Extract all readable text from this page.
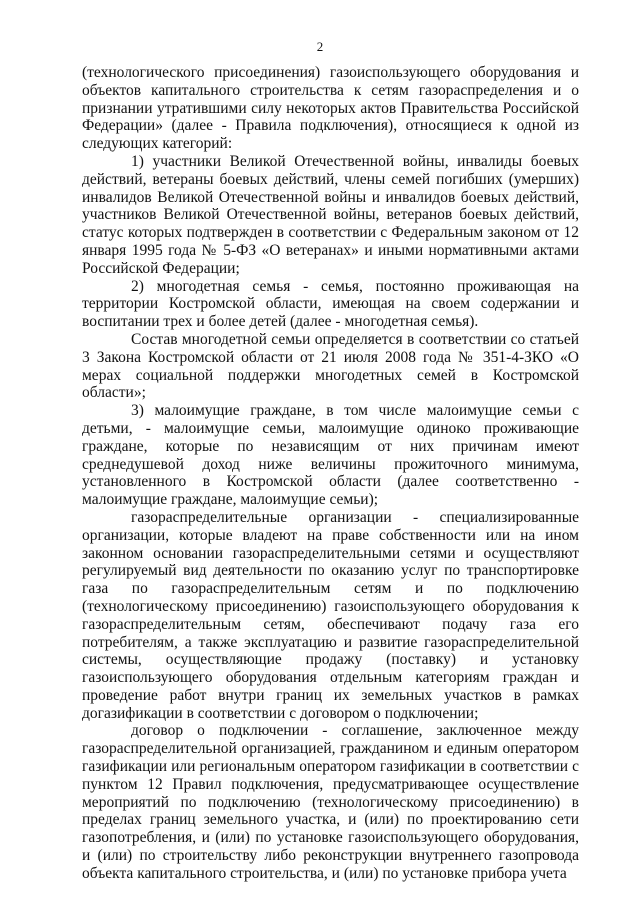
2

(технологического присоединения) газоиспользующего оборудования и объектов капитального строительства к сетям газораспределения и о признании утратившими силу некоторых актов Правительства Российской Федерации» (далее - Правила подключения), относящиеся к одной из следующих категорий:

1) участники Великой Отечественной войны, инвалиды боевых действий, ветераны боевых действий, члены семей погибших (умерших) инвалидов Великой Отечественной войны и инвалидов боевых действий, участников Великой Отечественной войны, ветеранов боевых действий, статус которых подтвержден в соответствии с Федеральным законом от 12 января 1995 года № 5-ФЗ «О ветеранах» и иными нормативными актами Российской Федерации;

2) многодетная семья - семья, постоянно проживающая на территории Костромской области, имеющая на своем содержании и воспитании трех и более детей (далее - многодетная семья).

Состав многодетной семьи определяется в соответствии со статьей 3 Закона Костромской области от 21 июля 2008 года № 351-4-ЗКО «О мерах социальной поддержки многодетных семей в Костромской области»;

3) малоимущие граждане, в том числе малоимущие семьи с детьми, - малоимущие семьи, малоимущие одиноко проживающие граждане, которые по независящим от них причинам имеют среднедушевой доход ниже величины прожиточного минимума, установленного в Костромской области (далее соответственно - малоимущие граждане, малоимущие семьи);

газораспределительные организации - специализированные организации, которые владеют на праве собственности или на ином законном основании газораспределительными сетями и осуществляют регулируемый вид деятельности по оказанию услуг по транспортировке газа по газораспределительным сетям и по подключению (технологическому присоединению) газоиспользующего оборудования к газораспределительным сетям, обеспечивают подачу газа его потребителям, а также эксплуатацию и развитие газораспределительной системы, осуществляющие продажу (поставку) и установку газоиспользующего оборудования отдельным категориям граждан и проведение работ внутри границ их земельных участков в рамках догазификации в соответствии с договором о подключении;

договор о подключении - соглашение, заключенное между газораспределительной организацией, гражданином и единым оператором газификации или региональным оператором газификации в соответствии с пунктом 12 Правил подключения, предусматривающее осуществление мероприятий по подключению (технологическому присоединению) в пределах границ земельного участка, и (или) по проектированию сети газопотребления, и (или) по установке газоиспользующего оборудования, и (или) по строительству либо реконструкции внутреннего газопровода объекта капитального строительства, и (или) по установке прибора учета
